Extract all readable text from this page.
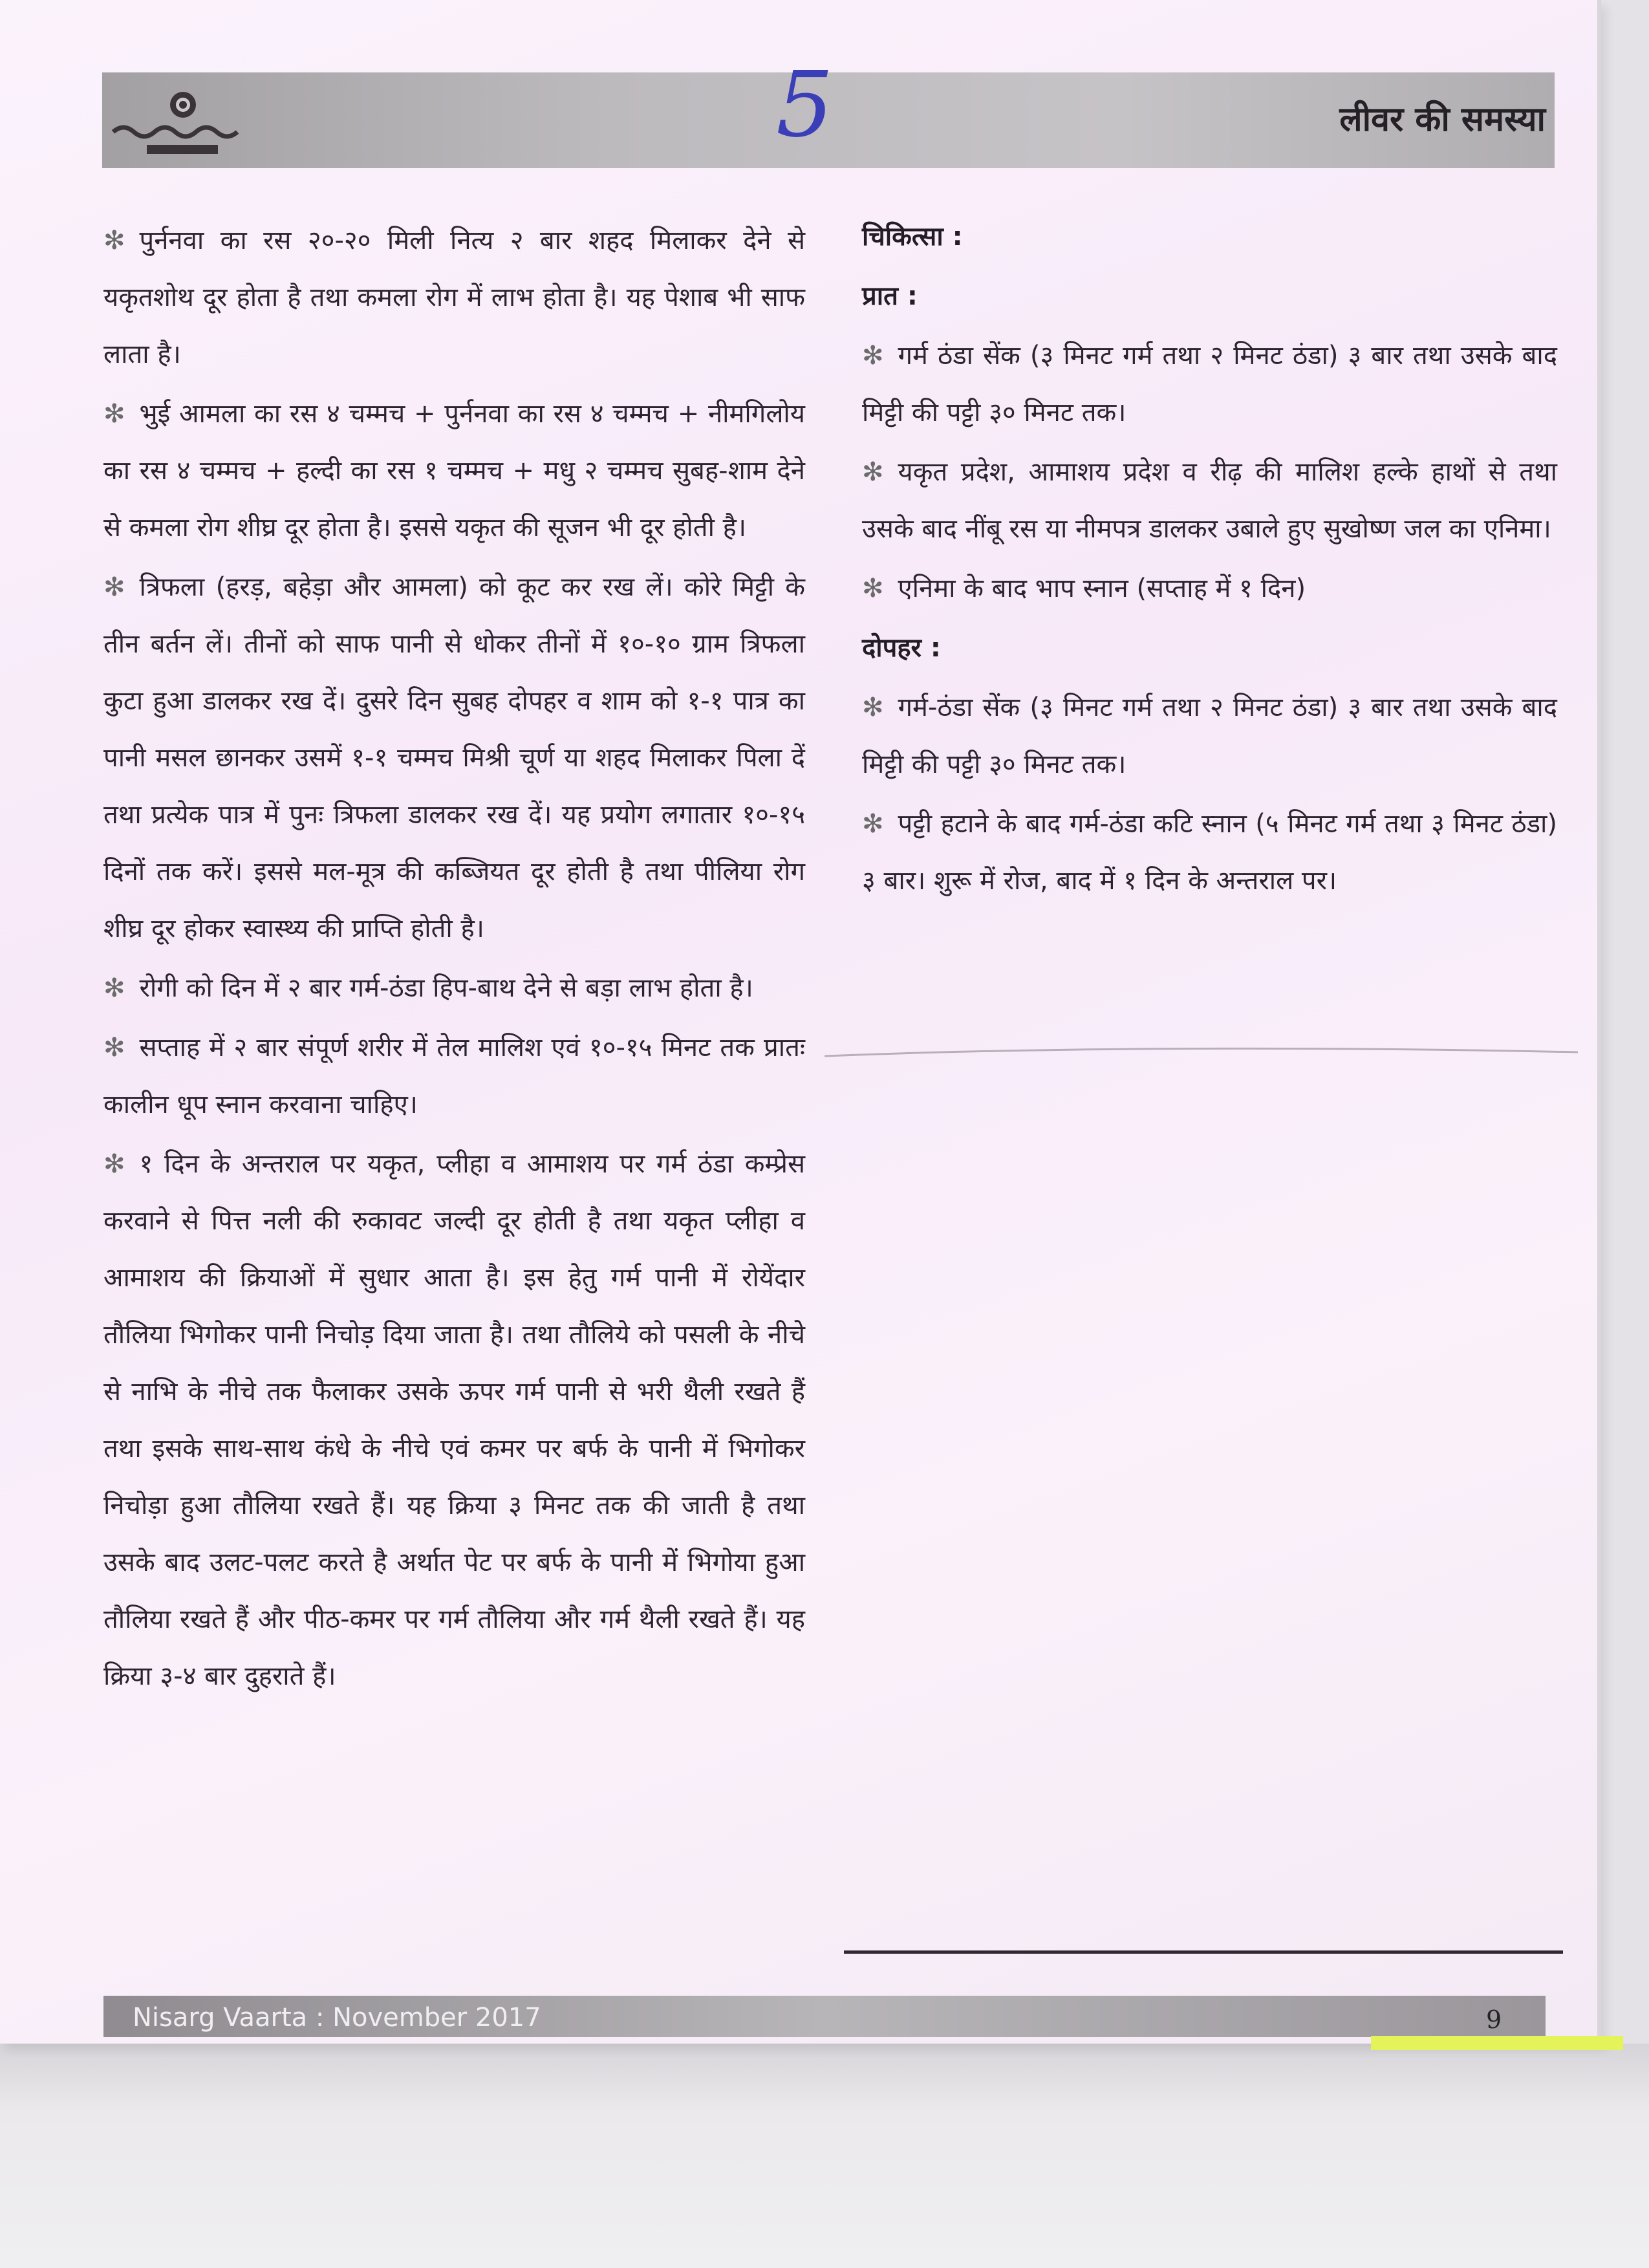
5	लीवर की समस्या

✻ पुर्ननवा का रस २०-२० मिली नित्य २ बार शहद मिलाकर देने से यकृतशोथ दूर होता है तथा कमला रोग में लाभ होता है। यह पेशाब भी साफ लाता है।

✻ भुई आमला का रस ४ चम्मच + पुर्ननवा का रस ४ चम्मच + नीमगिलोय का रस ४ चम्मच + हल्दी का रस १ चम्मच + मधु २ चम्मच सुबह-शाम देने से कमला रोग शीघ्र दूर होता है। इससे यकृत की सूजन भी दूर होती है।

✻ त्रिफला (हरड़, बहेड़ा और आमला) को कूट कर रख लें। कोरे मिट्टी के तीन बर्तन लें। तीनों को साफ पानी से धोकर तीनों में १०-१० ग्राम त्रिफला कुटा हुआ डालकर रख दें। दुसरे दिन सुबह दोपहर व शाम को १-१ पात्र का पानी मसल छानकर उसमें १-१ चम्मच मिश्री चूर्ण या शहद मिलाकर पिला दें तथा प्रत्येक पात्र में पुनः त्रिफला डालकर रख दें। यह प्रयोग लगातार १०-१५ दिनों तक करें। इससे मल-मूत्र की कब्जियत दूर होती है तथा पीलिया रोग शीघ्र दूर होकर स्वास्थ्य की प्राप्ति होती है।

✻ रोगी को दिन में २ बार गर्म-ठंडा हिप-बाथ देने से बड़ा लाभ होता है।

✻ सप्ताह में २ बार संपूर्ण शरीर में तेल मालिश एवं १०-१५ मिनट तक प्रातः कालीन धूप स्नान करवाना चाहिए।

✻ १ दिन के अन्तराल पर यकृत, प्लीहा व आमाशय पर गर्म ठंडा कम्प्रेस करवाने से पित्त नली की रुकावट जल्दी दूर होती है तथा यकृत प्लीहा व आमाशय की क्रियाओं में सुधार आता है। इस हेतु गर्म पानी में रोयेंदार तौलिया भिगोकर पानी निचोड़ दिया जाता है। तथा तौलिये को पसली के नीचे से नाभि के नीचे तक फैलाकर उसके ऊपर गर्म पानी से भरी थैली रखते हैं तथा इसके साथ-साथ कंधे के नीचे एवं कमर पर बर्फ के पानी में भिगोकर निचोड़ा हुआ तौलिया रखते हैं। यह क्रिया ३ मिनट तक की जाती है तथा उसके बाद उलट-पलट करते है अर्थात पेट पर बर्फ के पानी में भिगोया हुआ तौलिया रखते हैं और पीठ-कमर पर गर्म तौलिया और गर्म थैली रखते हैं। यह क्रिया ३-४ बार दुहराते हैं।

चिकित्सा :

प्रात :

✻ गर्म ठंडा सेंक (३ मिनट गर्म तथा २ मिनट ठंडा) ३ बार तथा उसके बाद मिट्टी की पट्टी ३० मिनट तक।

✻ यकृत प्रदेश, आमाशय प्रदेश व रीढ़ की मालिश हल्के हाथों से तथा उसके बाद नींबू रस या नीमपत्र डालकर उबाले हुए सुखोष्ण जल का एनिमा।

✻ एनिमा के बाद भाप स्नान (सप्ताह में १ दिन)

दोपहर :

✻ गर्म-ठंडा सेंक (३ मिनट गर्म तथा २ मिनट ठंडा) ३ बार तथा उसके बाद मिट्टी की पट्टी ३० मिनट तक।

✻ पट्टी हटाने के बाद गर्म-ठंडा कटि स्नान (५ मिनट गर्म तथा ३ मिनट ठंडा) ३ बार। शुरू में रोज, बाद में १ दिन के अन्तराल पर।

Nisarg Vaarta : November 2017	9
